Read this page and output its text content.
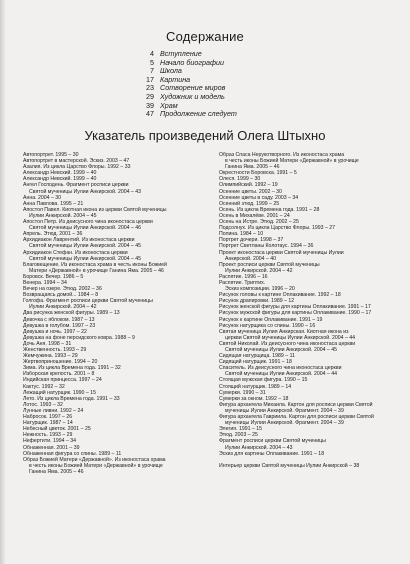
Содержание
4 Вступление
5 Начало биографии
7 Школа
17 Картина
23 Сотворение миров
29 Художник и модель
39 Храм
47 Продолжение следует
Указатель произведений Олега Штыхно
Автопортрет. 1995 – 30
Автопортрет в мастерской. Эскиз. 2003 – 47
Азалия. Из цикла Царство Флоры. 1992 – 33
Александр Невский. 1999 – 40
Александр Невский. 1999 – 40
Ангел Господень. Фрагмент росписи церкви
Святой мученицы Иулии Анкирской. 2004 – 43
Анна. 2004 – 30
Анна Павлова. 1995 – 21
Апостол Павел. Киотная икона из церкви Святой мученицы
Иулии Анкирской. 2004 – 45
Апостол Петр. Из деисусного чина иконостаса церкви
Святой мученицы Иулии Анкирской. 2004 – 46
Апрель. Этюд. 2001 – 36
Архидиакон Лаврентий. Из иконостаса церкви
Святой мученицы Иулии Анкирской. 2004 – 45
Архидиакон Стефан. Из иконостаса церкви
Святой мученицы Иулии Анкирской. 2004 – 45
Благовещение. Из иконостаса храма в честь иконы Божией
Матери «Державной» в урочище Ганина Яма. 2005 – 46
Боровск. Вечер. 1986 – 5
Венера. 1994 – 34
Вечер на озере. Этюд. 2002 – 36
Возвращаясь домой... 1984 – 8
Голгофа. Фрагмент росписи церкви Святой мученицы
Иулии Анкирской. 2004 – 42
Два рисунка женской фигуры. 1989 – 13
Девочка с яблоком. 1987 – 13
Девушка в голубом. 1997 – 23
Девушка и ночь. 1997 – 22
Девушка на фоне персидского ковра. 1988 – 9
Дочь Аня. 1998 – 31
Женственность. 1993 – 29
Жемчужина. 1993 – 29
Жертвоприношение. 1994 – 20
Зима. Из цикла Времена года. 1991 – 32
Изборская крепость. 2001 – 8
Индийская принцесса. 1997 – 24
Кактус. 1992 – 32
Лежащий натурщик. 1990 – 15
Лето. Из цикла Времена года. 1991 – 33
Лотос. 1993 – 32
Лунные ливни. 1992 – 24
Набросок. 1997 – 26
Натурщик. 1987 – 14
Небесный цветок. 2001 – 25
Нежность. 1993 – 29
Нефертити. 1994 – 34
Обнаженная. 2001 – 39
Обнаженная фигура со спины. 1989 – 11
Образ Божией Матери «Державной». Из иконостаса храма
в честь иконы Божией Матери «Державной» в урочище
Ганина Яма. 2005 – 46
Образ Спаса Нерукотворного. Из иконостаса храма
в честь иконы Божией Матери «Державной» в урочище
Ганина Яма. 2005 – 46
Окрестности Боровска. 1991 – 5
Олеся. 1999 – 30
Олимпийский. 1992 – 19
Осенние цветы. 2002 – 30
Осенние цветы в саду. 2003 – 34
Осенний этюд. 1999 – 25
Осень. Из цикла Времена года. 1991 – 28
Осень в Михалёве. 2001 – 24
Осень на Истре. Этюд. 2002 – 25
Подсолнух. Из цикла Царство Флоры. 1993 – 27
Полина. 1984 – 10
Портрет дочери. 1998 – 37
Портрет Светланы Колотаус. 1994 – 36
Проект иконостаса церкви Святой мученицы Иулии
Анкирской. 2004 – 40
Проект росписи церкви Святой мученицы
Иулии Анкирской. 2004 – 42
Распятие. 1996 – 16
Распятие. Триптих.
Эскиз композиции. 1996 – 20
Рисунок головы к картине Оплакивание. 1992 – 18
Рисунок драпировки. 1989 – 12
Рисунок женской фигуры для картины Оплакивание. 1991 – 17
Рисунок мужской фигуры для картины Оплакивание. 1990 – 17
Рисунок к картине Оплакивание. 1991 – 19
Рисунок натурщика со спины. 1990 – 16
Святая мученица Иулия Анкирская. Киотная икона из
церкви Святой мученицы Иулии Анкирской. 2004 – 44
Святой Николай. Из деисусного чина иконостаса церкви
Святой мученицы Иулии Анкирской. 2004 – 45
Сидящая натурщица. 1989 – 11
Сидящий натурщик. 1991 – 18
Спаситель. Из деисусного чина иконостаса церкви
Святой мученицы Иулии Анкирской. 2004 – 44
Стоящая мужская фигура. 1990 – 15
Стоящий натурщик. 1989 – 14
Сумерки. 1990 – 31
Сумерки за окном. 1992 – 18
Фигура архангела Михаила. Картон для росписи церкви Святой
мученицы Иулии Анкирской. Фрагмент. 2004 – 39
Фигура архангела Гавриила. Картон для росписи церкви Святой
мученицы Иулии Анкирской. Фрагмент. 2004 – 39
Элегия. 1991 – 15
Этюд. 2003 – 25
Фрагмент росписи церкви Святой мученицы
Иулии Анкирской. 2004 – 43
Эскиз для картины Оплакивание. 1991 – 18

Интерьер церкви Святой мученицы Иулии Анкирской – 38
